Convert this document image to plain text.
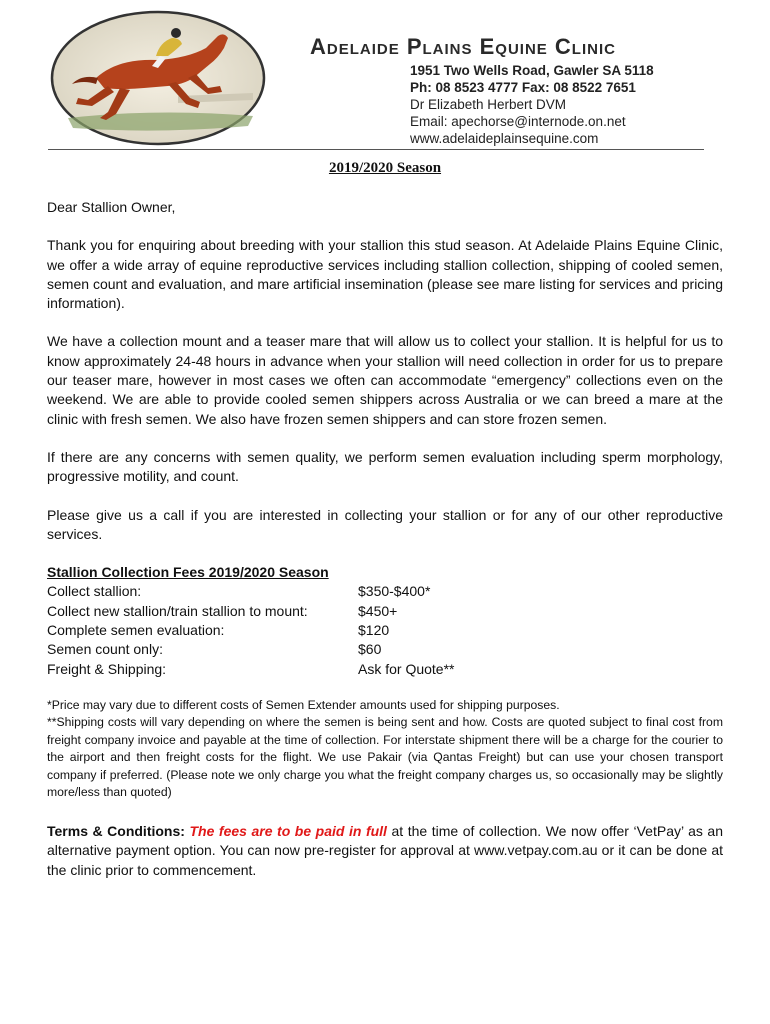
Adelaide Plains Equine Clinic
1951 Two Wells Road, Gawler SA 5118
Ph: 08 8523 4777 Fax: 08 8522 7651
Dr Elizabeth Herbert DVM
Email: apechorse@internode.on.net
www.adelaideplainsequine.com
2019/2020 Season

Dear Stallion Owner,

Thank you for enquiring about breeding with your stallion this stud season. At Adelaide Plains Equine Clinic, we offer a wide array of equine reproductive services including stallion collection, shipping of cooled semen, semen count and evaluation, and mare artificial insemination (please see mare listing for services and pricing information).

We have a collection mount and a teaser mare that will allow us to collect your stallion. It is helpful for us to know approximately 24-48 hours in advance when your stallion will need collection in order for us to prepare our teaser mare, however in most cases we often can accommodate “emergency” collections even on the weekend. We are able to provide cooled semen shippers across Australia or we can breed a mare at the clinic with fresh semen. We also have frozen semen shippers and can store frozen semen.

If there are any concerns with semen quality, we perform semen evaluation including sperm morphology, progressive motility, and count.

Please give us a call if you are interested in collecting your stallion or for any of our other reproductive services.

Stallion Collection Fees 2019/2020 Season
Collect stallion:	$350-$400*
Collect new stallion/train stallion to mount:	$450+
Complete semen evaluation:	$120
Semen count only:	$60
Freight & Shipping:	Ask for Quote**
*Price may vary due to different costs of Semen Extender amounts used for shipping purposes.
**Shipping costs will vary depending on where the semen is being sent and how. Costs are quoted subject to final cost from freight company invoice and payable at the time of collection. For interstate shipment there will be a charge for the courier to the airport and then freight costs for the flight. We use Pakair (via Qantas Freight) but can use your chosen transport company if preferred. (Please note we only charge you what the freight company charges us, so occasionally may be slightly more/less than quoted)
Terms & Conditions: The fees are to be paid in full at the time of collection. We now offer ‘VetPay’ as an alternative payment option. You can now pre-register for approval at www.vetpay.com.au or it can be done at the clinic prior to commencement.
